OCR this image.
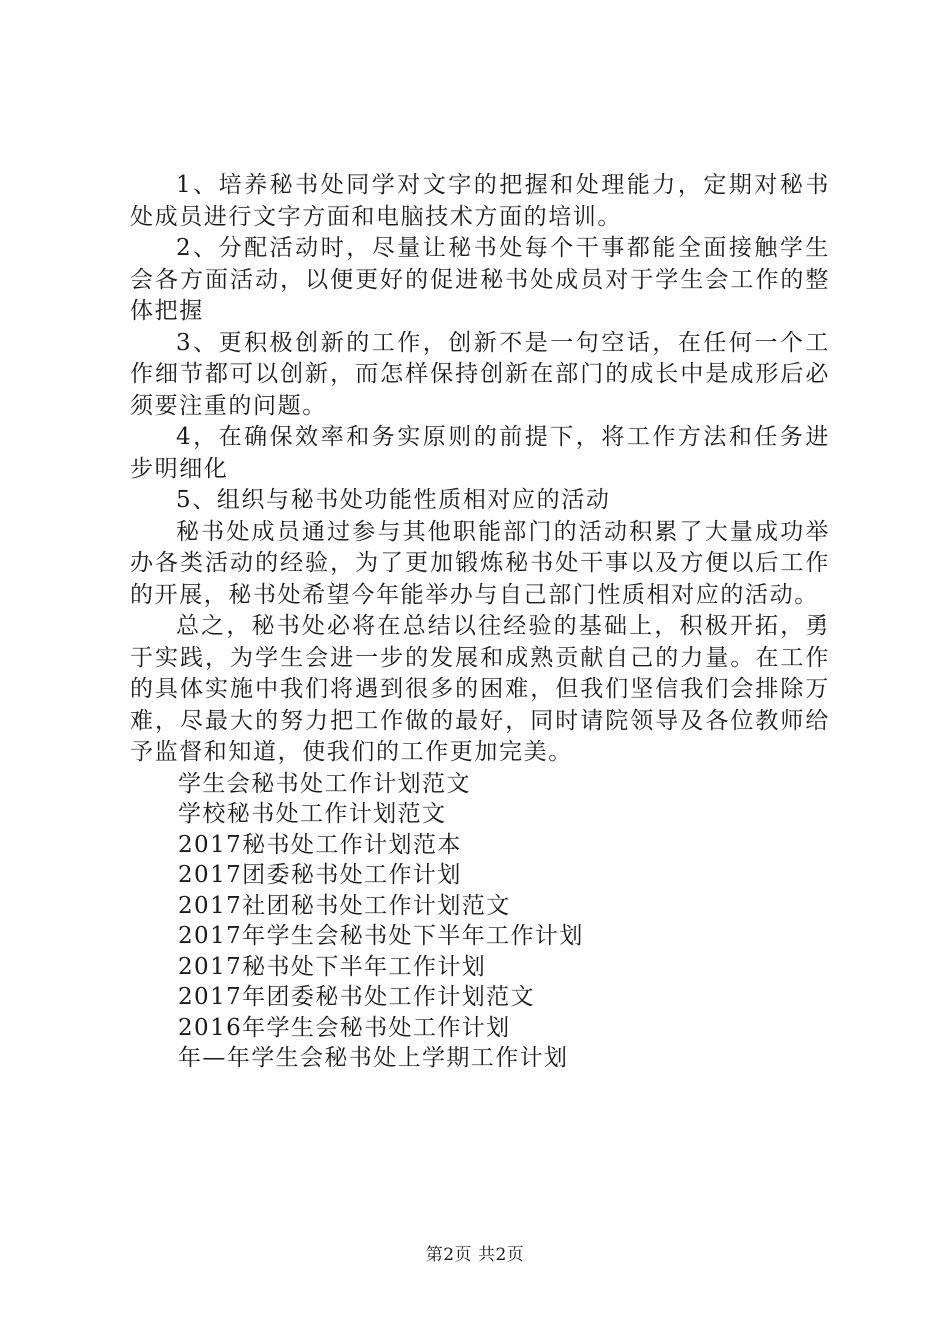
1、培养秘书处同学对文字的把握和处理能力，定期对秘书处成员进行文字方面和电脑技术方面的培训。

2、分配活动时，尽量让秘书处每个干事都能全面接触学生会各方面活动，以便更好的促进秘书处成员对于学生会工作的整体把握

3、更积极创新的工作，创新不是一句空话，在任何一个工作细节都可以创新，而怎样保持创新在部门的成长中是成形后必须要注重的问题。

4，在确保效率和务实原则的前提下，将工作方法和任务进步明细化

5、组织与秘书处功能性质相对应的活动

秘书处成员通过参与其他职能部门的活动积累了大量成功举办各类活动的经验，为了更加锻炼秘书处干事以及方便以后工作的开展，秘书处希望今年能举办与自己部门性质相对应的活动。

总之，秘书处必将在总结以往经验的基础上，积极开拓，勇于实践，为学生会进一步的发展和成熟贡献自己的力量。在工作的具体实施中我们将遇到很多的困难，但我们坚信我们会排除万难，尽最大的努力把工作做的最好，同时请院领导及各位教师给予监督和知道，使我们的工作更加完美。

学生会秘书处工作计划范文
学校秘书处工作计划范文
2017秘书处工作计划范本
2017团委秘书处工作计划
2017社团秘书处工作计划范文
2017年学生会秘书处下半年工作计划
2017秘书处下半年工作计划
2017年团委秘书处工作计划范文
2016年学生会秘书处工作计划
年—年学生会秘书处上学期工作计划
第2页 共2页
